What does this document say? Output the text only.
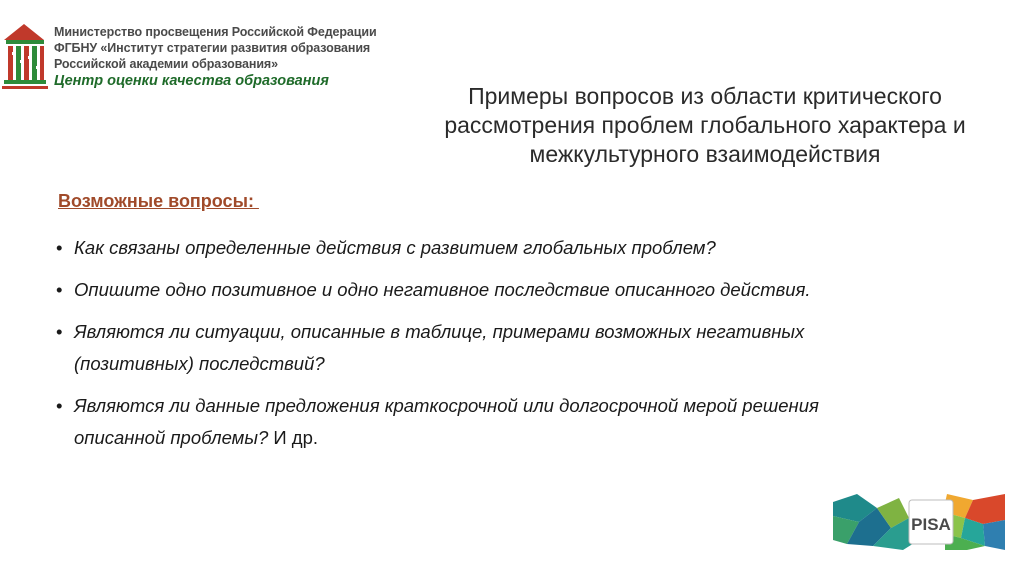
Министерство просвещения Российской Федерации
ФГБНУ «Институт стратегии развития образования
Российской академии образования»
Центр оценки качества образования
Примеры вопросов из области критического рассмотрения проблем глобального характера и межкультурного взаимодействия
Возможные вопросы:
• Как связаны определенные действия с развитием глобальных проблем?
• Опишите одно позитивное и одно негативное последствие описанного действия.
• Являются ли ситуации, описанные в таблице, примерами возможных негативных (позитивных) последствий?
• Являются ли данные предложения краткосрочной или долгосрочной мерой решения описанной проблемы? И др.
PISA
